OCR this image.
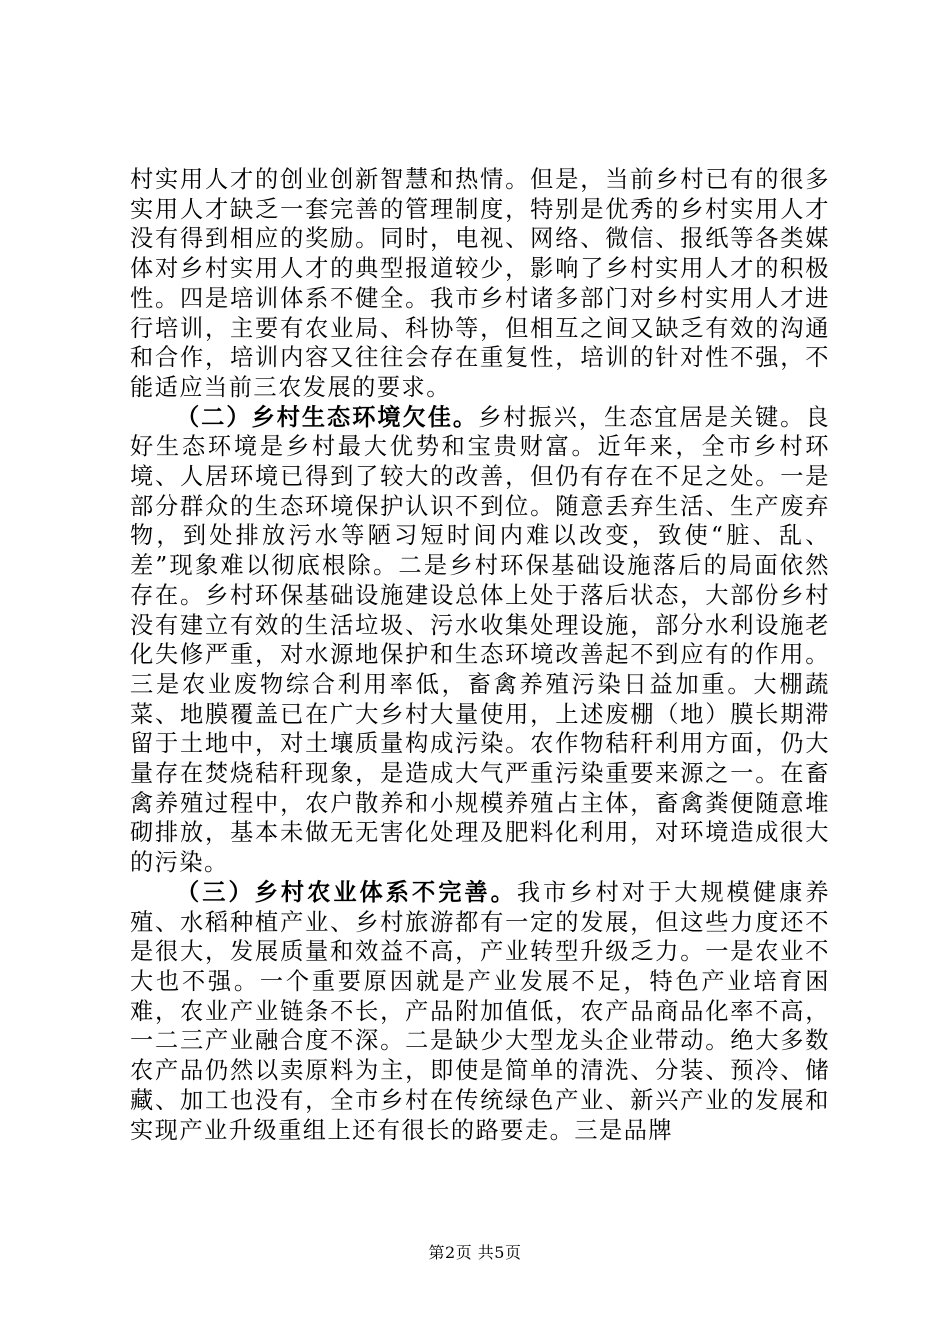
村实用人才的创业创新智慧和热情。但是，当前乡村已有的很多实用人才缺乏一套完善的管理制度，特别是优秀的乡村实用人才没有得到相应的奖励。同时，电视、网络、微信、报纸等各类媒体对乡村实用人才的典型报道较少，影响了乡村实用人才的积极性。四是培训体系不健全。我市乡村诸多部门对乡村实用人才进行培训，主要有农业局、科协等，但相互之间又缺乏有效的沟通和合作，培训内容又往往会存在重复性，培训的针对性不强，不能适应当前三农发展的要求。

（二）乡村生态环境欠佳。乡村振兴，生态宜居是关键。良好生态环境是乡村最大优势和宝贵财富。近年来，全市乡村环境、人居环境已得到了较大的改善，但仍有存在不足之处。一是部分群众的生态环境保护认识不到位。随意丢弃生活、生产废弃物，到处排放污水等陋习短时间内难以改变，致使“脏、乱、差”现象难以彻底根除。二是乡村环保基础设施落后的局面依然存在。乡村环保基础设施建设总体上处于落后状态，大部份乡村没有建立有效的生活垃圾、污水收集处理设施，部分水利设施老化失修严重，对水源地保护和生态环境改善起不到应有的作用。三是农业废物综合利用率低，畜禽养殖污染日益加重。大棚蔬菜、地膜覆盖已在广大乡村大量使用，上述废棚（地）膜长期滞留于土地中，对土壤质量构成污染。农作物秸秆利用方面，仍大量存在焚烧秸秆现象，是造成大气严重污染重要来源之一。在畜禽养殖过程中，农户散养和小规模养殖占主体，畜禽粪便随意堆砌排放，基本未做无无害化处理及肥料化利用，对环境造成很大的污染。

（三）乡村农业体系不完善。我市乡村对于大规模健康养殖、水稻种植产业、乡村旅游都有一定的发展，但这些力度还不是很大，发展质量和效益不高，产业转型升级乏力。一是农业不大也不强。一个重要原因就是产业发展不足，特色产业培育困难，农业产业链条不长，产品附加值低，农产品商品化率不高，一二三产业融合度不深。二是缺少大型龙头企业带动。绝大多数农产品仍然以卖原料为主，即使是简单的清洗、分装、预冷、储藏、加工也没有，全市乡村在传统绿色产业、新兴产业的发展和实现产业升级重组上还有很长的路要走。三是品牌

第2页 共5页
